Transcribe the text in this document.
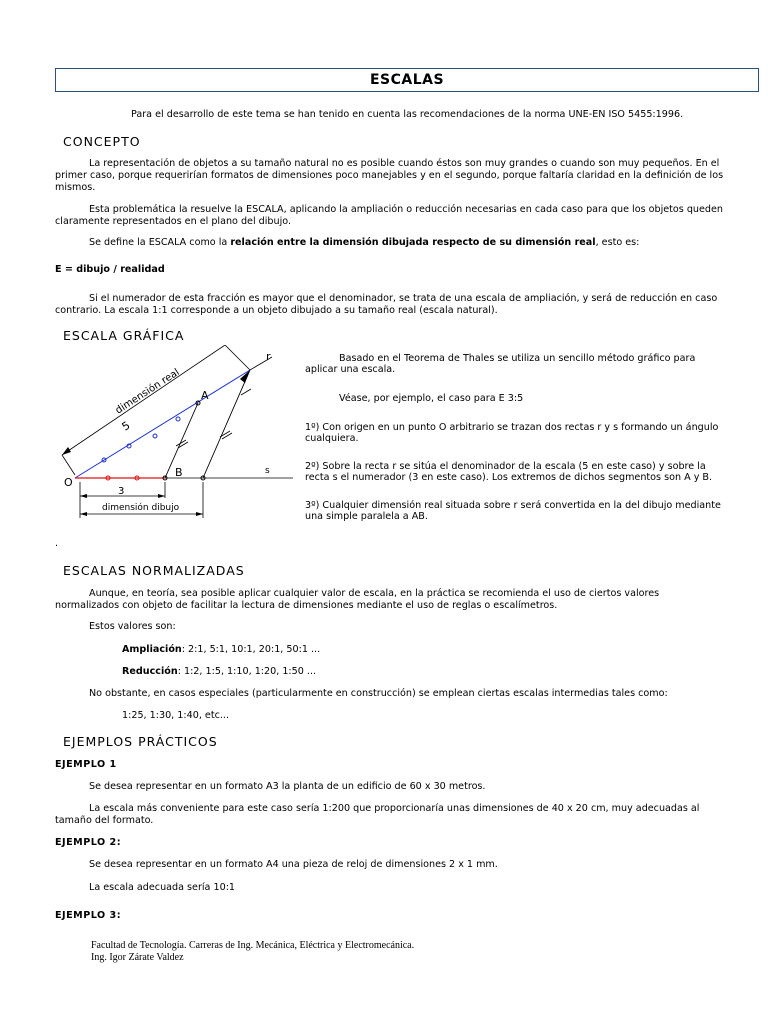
ESCALAS
Para el desarrollo de este tema se han tenido en cuenta las recomendaciones de la norma UNE-EN ISO 5455:1996.
CONCEPTO
La representación de objetos a su tamaño natural no es posible cuando éstos son muy grandes o cuando son muy pequeños. En el
primer caso, porque requerirían formatos de dimensiones poco manejables y en el segundo, porque faltaría claridad en la definición de los
mismos.
Esta problemática la resuelve la ESCALA, aplicando la ampliación o reducción necesarias en cada caso para que los objetos queden
claramente representados en el plano del dibujo.
Se define la ESCALA como la relación entre la dimensión dibujada respecto de su dimensión real, esto es:
E = dibujo / realidad
Si el numerador de esta fracción es mayor que el denominador, se trata de una escala de ampliación, y será de reducción en caso
contrario. La escala 1:1 corresponde a un objeto dibujado a su tamaño real (escala natural).
ESCALA GRÁFICA
r
dimensión real
5
A
B
O
s
3
dimensión dibujo
Basado en el Teorema de Thales se utiliza un sencillo método gráfico para
aplicar una escala.
Véase, por ejemplo, el caso para E 3:5
1º) Con origen en un punto O arbitrario se trazan dos rectas r y s formando un ángulo
cualquiera.
2º) Sobre la recta r se sitúa el denominador de la escala (5 en este caso) y sobre la
recta s el numerador (3 en este caso). Los extremos de dichos segmentos son A y B.
3º) Cualquier dimensión real situada sobre r será convertida en la del dibujo mediante
una simple paralela a AB.
.
ESCALAS NORMALIZADAS
Aunque, en teoría, sea posible aplicar cualquier valor de escala, en la práctica se recomienda el uso de ciertos valores
normalizados con objeto de facilitar la lectura de dimensiones mediante el uso de reglas o escalímetros.
Estos valores son:
Ampliación: 2:1, 5:1, 10:1, 20:1, 50:1 ...
Reducción: 1:2, 1:5, 1:10, 1:20, 1:50 ...
No obstante, en casos especiales (particularmente en construcción) se emplean ciertas escalas intermedias tales como:
1:25, 1:30, 1:40, etc...
EJEMPLOS PRÁCTICOS
EJEMPLO 1
Se desea representar en un formato A3 la planta de un edificio de 60 x 30 metros.
La escala más conveniente para este caso sería 1:200 que proporcionaría unas dimensiones de 40 x 20 cm, muy adecuadas al
tamaño del formato.
EJEMPLO 2:
Se desea representar en un formato A4 una pieza de reloj de dimensiones 2 x 1 mm.
La escala adecuada sería 10:1
EJEMPLO 3:
Facultad de Tecnología. Carreras de Ing. Mecánica, Eléctrica y Electromecánica.
Ing. Igor Zárate Valdez
